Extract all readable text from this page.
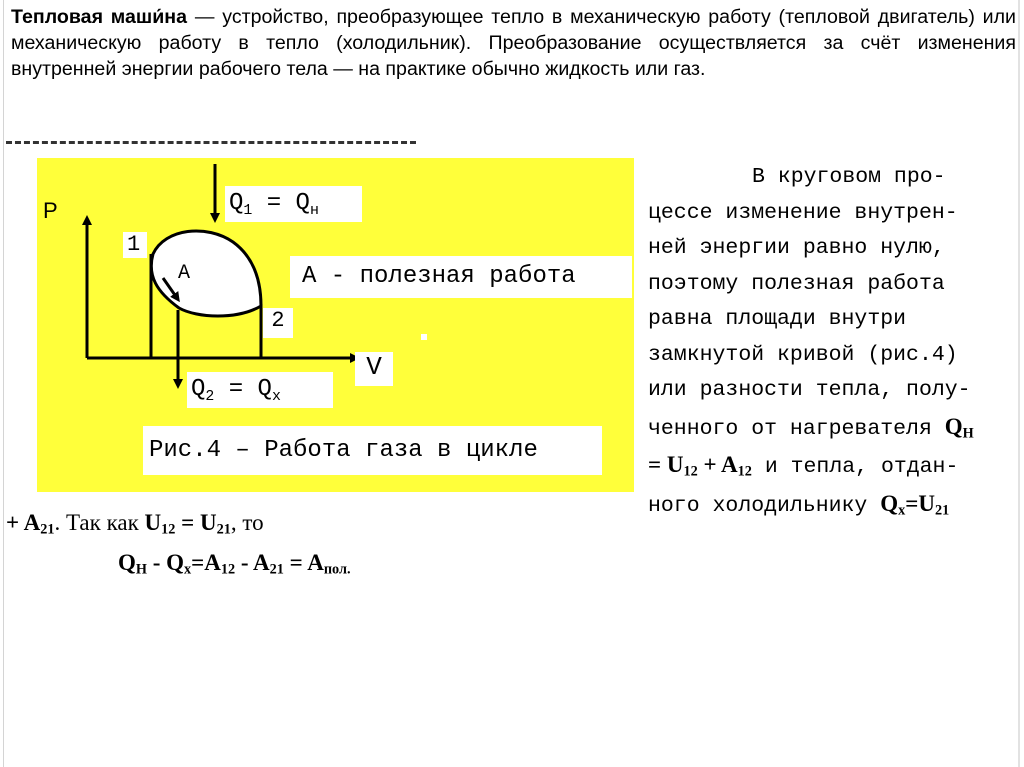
Тепловая маши́на — устройство, преобразующее тепло в механическую работу (тепловой двигатель) или механическую работу в тепло (холодильник). Преобразование осуществляется за счёт изменения внутренней энергии рабочего тела — на практике обычно жидкость или газ.

P
1
2
А
V
$Q_1 = Q_н$
$Q_2 = Q_х$
А - полезная работа
Рис.4 – Работа газа в цикле

В круговом про-
цессе изменение внутрен-
ней энергии равно нулю,
поэтому полезная работа
равна площади внутри
замкнутой кривой (рис.4)
или разности тепла, полу-
ченного от нагревателя $Q_Н$
= $U_{12} + A_{12}$ и тепла, отдан-
ного холодильнику $Q_х=U_{21}$

+ $A_{21}$. Так как $U_{12} = U_{21}$, то

$Q_Н - Q_х=A_{12} - A_{21} = A_{пол.}$
